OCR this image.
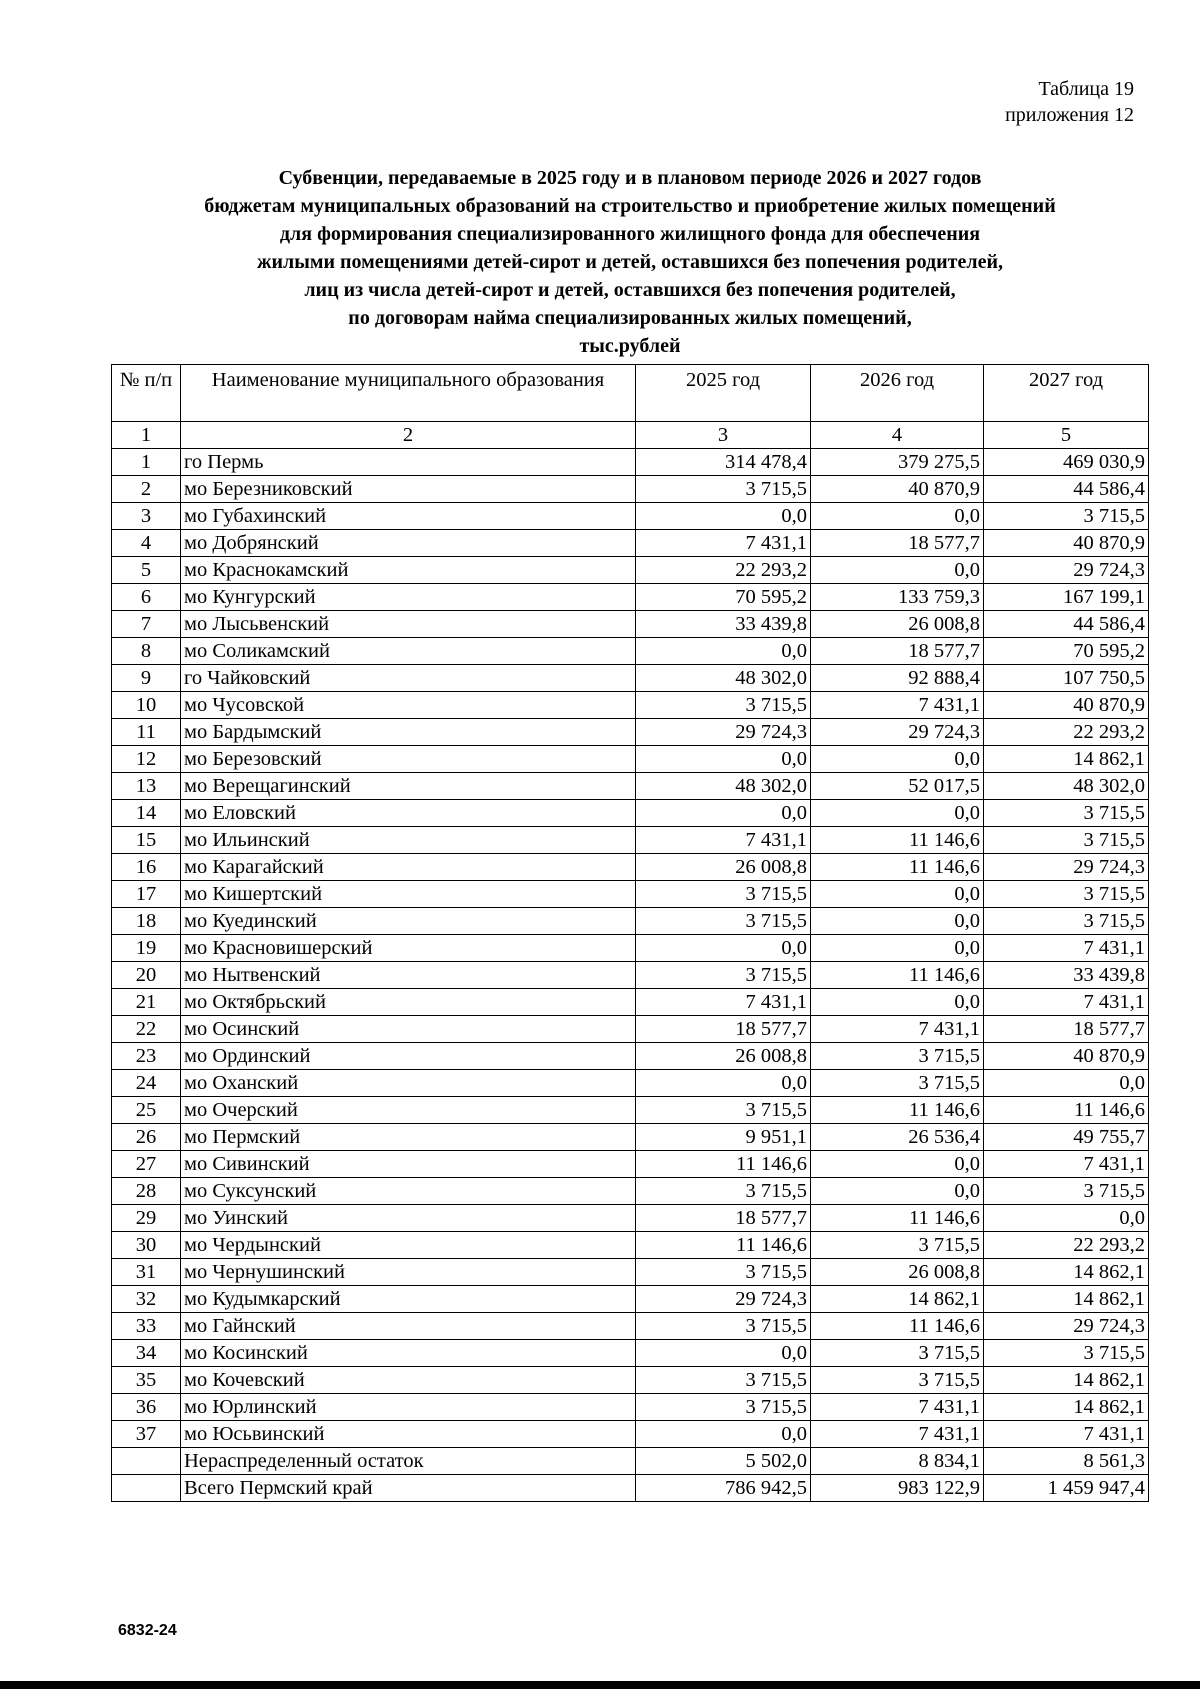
Таблица 19
приложения 12
Субвенции, передаваемые в 2025 году и в плановом периоде 2026 и 2027 годов
бюджетам муниципальных образований на строительство и приобретение жилых помещений
для формирования специализированного жилищного фонда для обеспечения
жилыми помещениями детей-сирот и детей, оставшихся без попечения родителей,
лиц из числа детей-сирот и детей, оставшихся без попечения родителей,
по договорам найма специализированных жилых помещений,
тыс.рублей
№ п/п	Наименование муниципального образования	2025 год	2026 год	2027 год
1	2	3	4	5
1	го Пермь	314 478,4	379 275,5	469 030,9
2	мо Березниковский	3 715,5	40 870,9	44 586,4
3	мо Губахинский	0,0	0,0	3 715,5
4	мо Добрянский	7 431,1	18 577,7	40 870,9
5	мо Краснокамский	22 293,2	0,0	29 724,3
6	мо Кунгурский	70 595,2	133 759,3	167 199,1
7	мо Лысьвенский	33 439,8	26 008,8	44 586,4
8	мо Соликамский	0,0	18 577,7	70 595,2
9	го Чайковский	48 302,0	92 888,4	107 750,5
10	мо Чусовской	3 715,5	7 431,1	40 870,9
11	мо Бардымский	29 724,3	29 724,3	22 293,2
12	мо Березовский	0,0	0,0	14 862,1
13	мо Верещагинский	48 302,0	52 017,5	48 302,0
14	мо Еловский	0,0	0,0	3 715,5
15	мо Ильинский	7 431,1	11 146,6	3 715,5
16	мо Карагайский	26 008,8	11 146,6	29 724,3
17	мо Кишертский	3 715,5	0,0	3 715,5
18	мо Куединский	3 715,5	0,0	3 715,5
19	мо Красновишерский	0,0	0,0	7 431,1
20	мо Нытвенский	3 715,5	11 146,6	33 439,8
21	мо Октябрьский	7 431,1	0,0	7 431,1
22	мо Осинский	18 577,7	7 431,1	18 577,7
23	мо Ординский	26 008,8	3 715,5	40 870,9
24	мо Оханский	0,0	3 715,5	0,0
25	мо Очерский	3 715,5	11 146,6	11 146,6
26	мо Пермский	9 951,1	26 536,4	49 755,7
27	мо Сивинский	11 146,6	0,0	7 431,1
28	мо Суксунский	3 715,5	0,0	3 715,5
29	мо Уинский	18 577,7	11 146,6	0,0
30	мо Чердынский	11 146,6	3 715,5	22 293,2
31	мо Чернушинский	3 715,5	26 008,8	14 862,1
32	мо Кудымкарский	29 724,3	14 862,1	14 862,1
33	мо Гайнский	3 715,5	11 146,6	29 724,3
34	мо Косинский	0,0	3 715,5	3 715,5
35	мо Кочевский	3 715,5	3 715,5	14 862,1
36	мо Юрлинский	3 715,5	7 431,1	14 862,1
37	мо Юсьвинский	0,0	7 431,1	7 431,1
	Нераспределенный остаток	5 502,0	8 834,1	8 561,3
	Всего Пермский край	786 942,5	983 122,9	1 459 947,4
6832-24
